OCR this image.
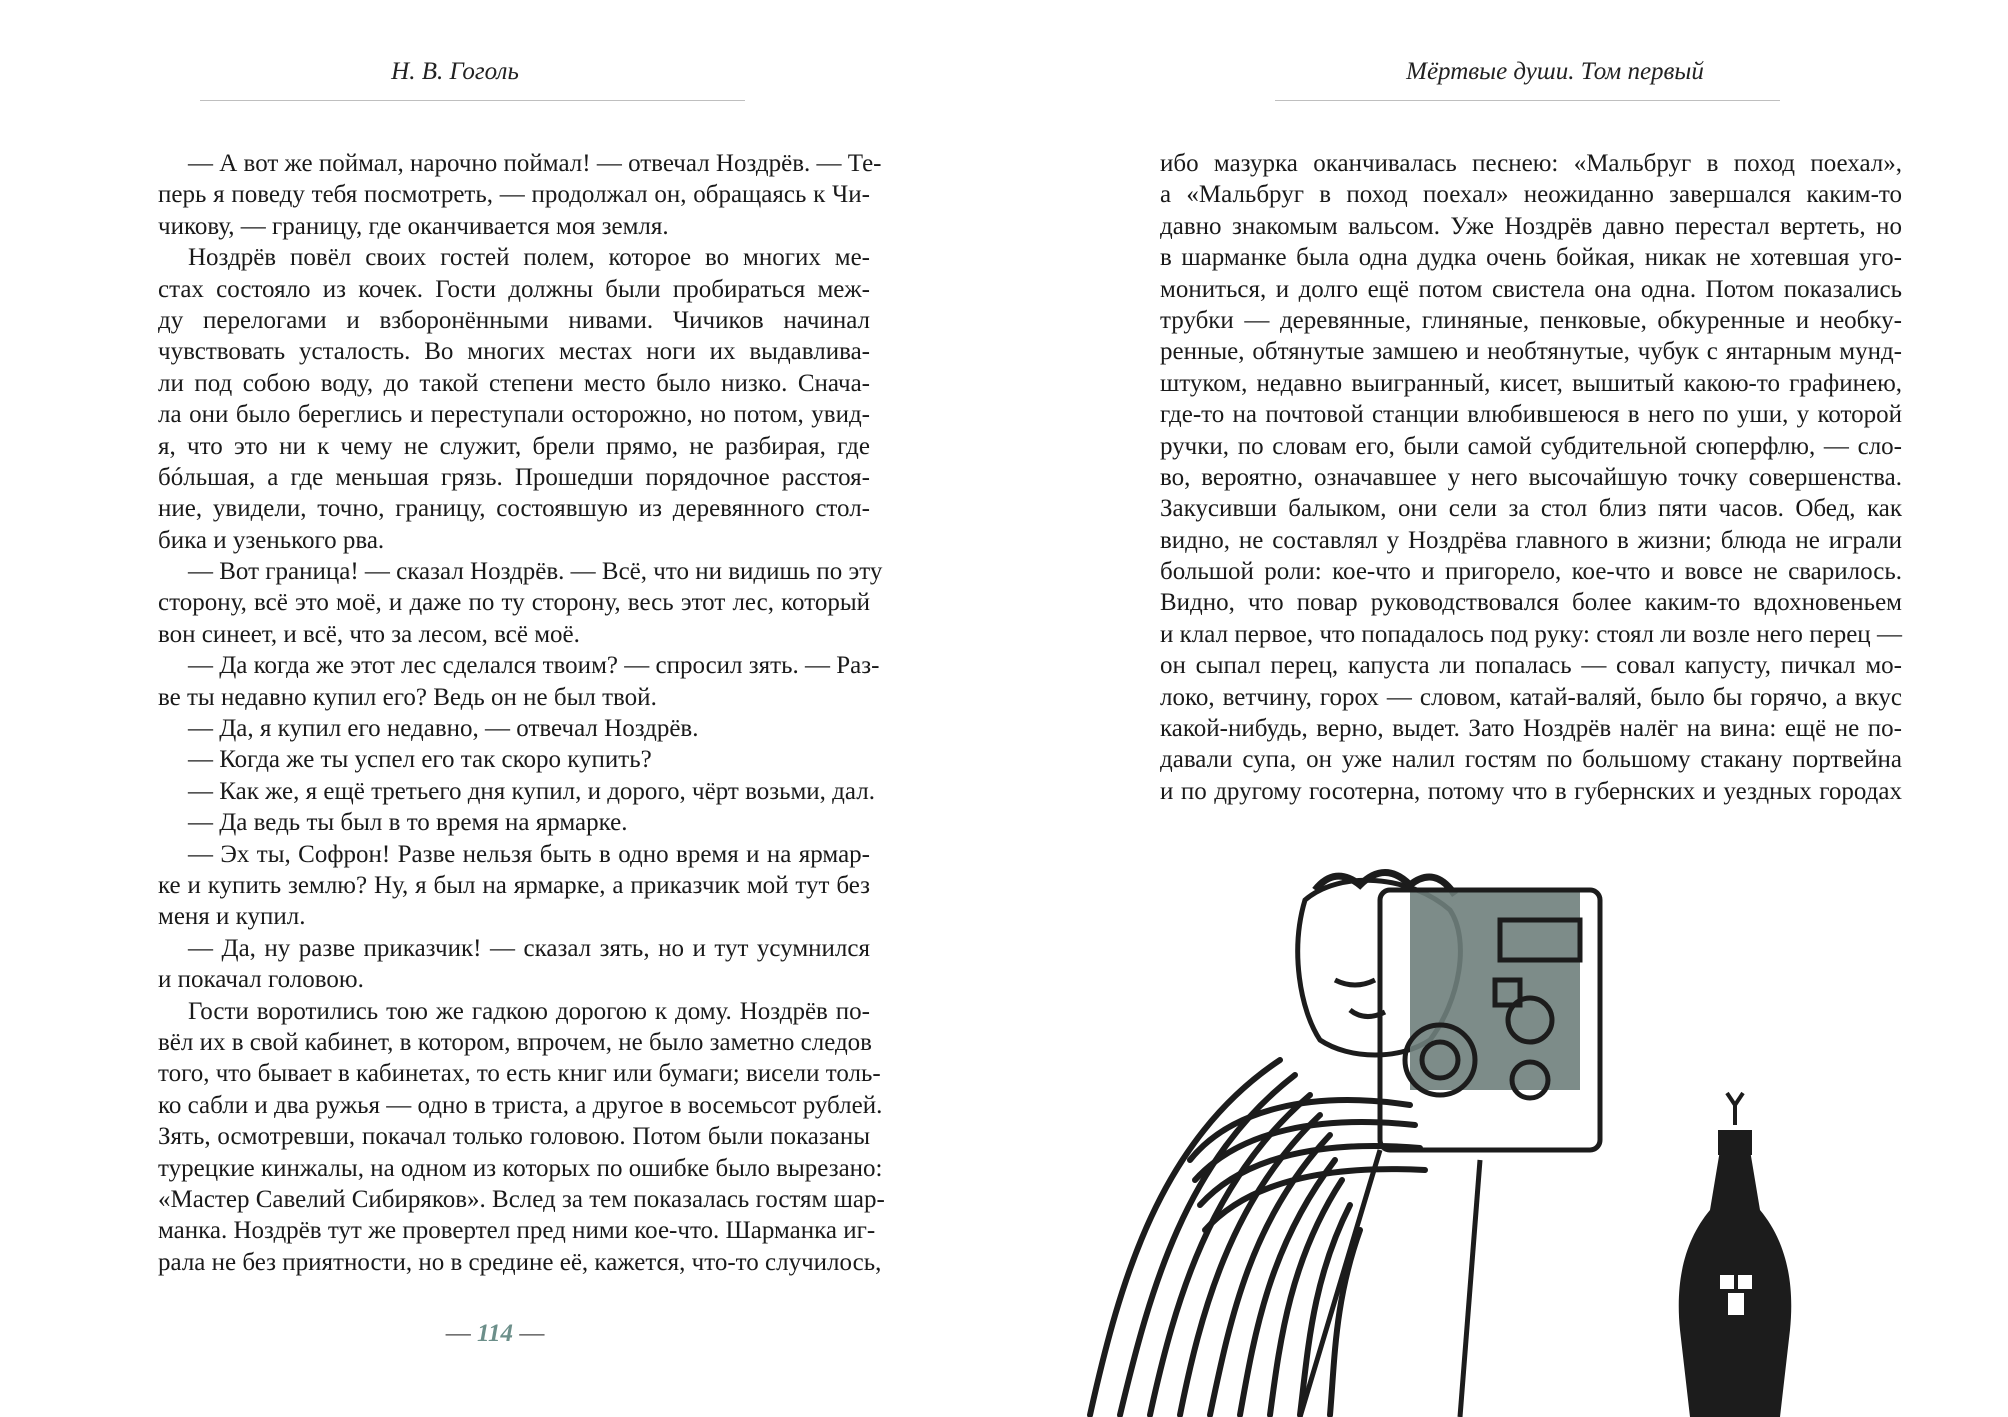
Н. В. Гоголь
— А вот же поймал, нарочно поймал! — отвечал Ноздрёв. — Те-
перь я поведу тебя посмотреть, — продолжал он, обращаясь к Чи-
чикову, — границу, где оканчивается моя земля.
Ноздрёв повёл своих гостей полем, которое во многих ме-
стах состояло из кочек. Гости должны были пробираться меж-
ду перелогами и взборонёнными нивами. Чичиков начинал
чувствовать усталость. Во многих местах ноги их выдавлива-
ли под собою воду, до такой степени место было низко. Снача-
ла они было береглись и переступали осторожно, но потом, увид-
я, что это ни к чему не служит, брели прямо, не разбирая, где
бóльшая, а где меньшая грязь. Прошедши порядочное расстоя-
ние, увидели, точно, границу, состоявшую из деревянного стол-
бика и узенького рва.
— Вот граница! — сказал Ноздрёв. — Всё, что ни видишь по эту
сторону, всё это моё, и даже по ту сторону, весь этот лес, который
вон синеет, и всё, что за лесом, всё моё.
— Да когда же этот лес сделался твоим? — спросил зять. — Раз-
ве ты недавно купил его? Ведь он не был твой.
— Да, я купил его недавно, — отвечал Ноздрёв.
— Когда же ты успел его так скоро купить?
— Как же, я ещё третьего дня купил, и дорого, чёрт возьми, дал.
— Да ведь ты был в то время на ярмарке.
— Эх ты, Софрон! Разве нельзя быть в одно время и на ярмар-
ке и купить землю? Ну, я был на ярмарке, а приказчик мой тут без
меня и купил.
— Да, ну разве приказчик! — сказал зять, но и тут усумнился
и покачал головою.
Гости воротились тою же гадкою дорогою к дому. Ноздрёв по-
вёл их в свой кабинет, в котором, впрочем, не было заметно следов
того, что бывает в кабинетах, то есть книг или бумаги; висели толь-
ко сабли и два ружья — одно в триста, а другое в восемьсот рублей.
Зять, осмотревши, покачал только головою. Потом были показаны
турецкие кинжалы, на одном из которых по ошибке было вырезано:
«Мастер Савелий Сибиряков». Вслед за тем показалась гостям шар-
манка. Ноздрёв тут же провертел пред ними кое-что. Шарманка иг-
рала не без приятности, но в средине её, кажется, что-то случилось,
— 114 —
Мёртвые души. Том первый
ибо мазурка оканчивалась песнею: «Мальбруг в поход поехал»,
а «Мальбруг в поход поехал» неожиданно завершался каким-то
давно знакомым вальсом. Уже Ноздрёв давно перестал вертеть, но
в шарманке была одна дудка очень бойкая, никак не хотевшая уго-
мониться, и долго ещё потом свистела она одна. Потом показались
трубки — деревянные, глиняные, пенковые, обкуренные и необку-
ренные, обтянутые замшею и необтянутые, чубук с янтарным мунд-
штуком, недавно выигранный, кисет, вышитый какою-то графинею,
где-то на почтовой станции влюбившеюся в него по уши, у которой
ручки, по словам его, были самой субдительной сюперфлю, — сло-
во, вероятно, означавшее у него высочайшую точку совершенства.
Закусивши балыком, они сели за стол близ пяти часов. Обед, как
видно, не составлял у Ноздрёва главного в жизни; блюда не играли
большой роли: кое-что и пригорело, кое-что и вовсе не сварилось.
Видно, что повар руководствовался более каким-то вдохновеньем
и клал первое, что попадалось под руку: стоял ли возле него перец —
он сыпал перец, капуста ли попалась — совал капусту, пичкал мо-
локо, ветчину, горох — словом, катай-валяй, было бы горячо, а вкус
какой-нибудь, верно, выдет. Зато Ноздрёв налёг на вина: ещё не по-
давали супа, он уже налил гостям по большому стакану портвейна
и по другому госотерна, потому что в губернских и уездных городах
